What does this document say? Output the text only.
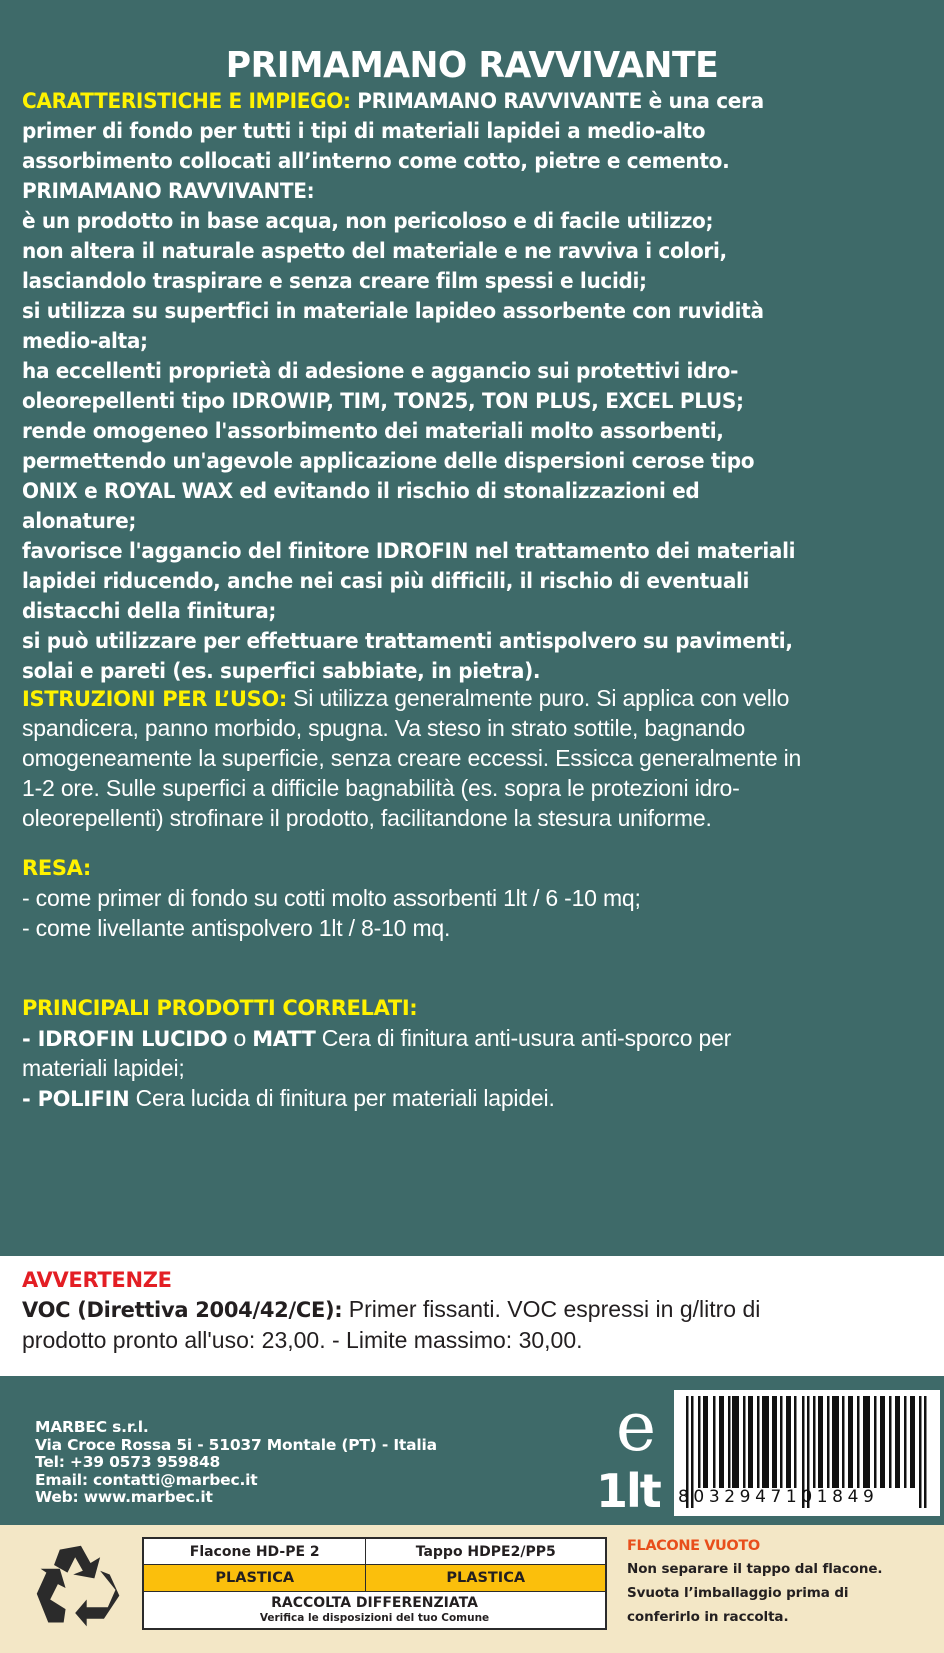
PRIMAMANO RAVVIVANTE
CARATTERISTICHE E IMPIEGO: PRIMAMANO RAVVIVANTE è una cera
primer di fondo per tutti i tipi di materiali lapidei a medio-alto
assorbimento collocati all’interno come cotto, pietre e cemento.
PRIMAMANO RAVVIVANTE:
è un prodotto in base acqua, non pericoloso e di facile utilizzo;
non altera il naturale aspetto del materiale e ne ravviva i colori,
lasciandolo traspirare e senza creare film spessi e lucidi;
si utilizza su supertfici in materiale lapideo assorbente con ruvidità
medio-alta;
ha eccellenti proprietà di adesione e aggancio sui protettivi idro-
oleorepellenti tipo IDROWIP, TIM, TON25, TON PLUS, EXCEL PLUS;
rende omogeneo l'assorbimento dei materiali molto assorbenti,
permettendo un'agevole applicazione delle dispersioni cerose tipo
ONIX e ROYAL WAX ed evitando il rischio di stonalizzazioni ed
alonature;
favorisce l'aggancio del finitore IDROFIN nel trattamento dei materiali
lapidei riducendo, anche nei casi più difficili, il rischio di eventuali
distacchi della finitura;
si può utilizzare per effettuare trattamenti antispolvero su pavimenti,
solai e pareti (es. superfici sabbiate, in pietra).
ISTRUZIONI PER L’USO: Si utilizza generalmente puro. Si applica con vello
spandicera, panno morbido, spugna. Va steso in strato sottile, bagnando
omogeneamente la superficie, senza creare eccessi. Essicca generalmente in
1-2 ore. Sulle superfici a difficile bagnabilità (es. sopra le protezioni idro-
oleorepellenti) strofinare il prodotto, facilitandone la stesura uniforme.
RESA:
- come primer di fondo su cotti molto assorbenti 1lt / 6 -10 mq;
- come livellante antispolvero 1lt / 8-10 mq.
PRINCIPALI PRODOTTI CORRELATI:
- IDROFIN LUCIDO o MATT Cera di finitura anti-usura anti-sporco per
materiali lapidei;
- POLIFIN Cera lucida di finitura per materiali lapidei.
AVVERTENZE
VOC (Direttiva 2004/42/CE): Primer fissanti. VOC espressi in g/litro di
prodotto pronto all'uso: 23,00. - Limite massimo: 30,00.
MARBEC s.r.l.
Via Croce Rossa 5i - 51037 Montale (PT) - Italia
Tel: +39 0573 959848
Email: contatti@marbec.it
Web: www.marbec.it
e
1lt 8032947101849
Flacone HD-PE 2	Tappo HDPE2/PP5
PLASTICA	PLASTICA

RACCOLTA DIFFERENZIATA
Verifica le disposizioni del tuo Comune	
FLACONE VUOTO
Non separare il tappo dal flacone.
Svuota l’imballaggio prima di
conferirlo in raccolta.
